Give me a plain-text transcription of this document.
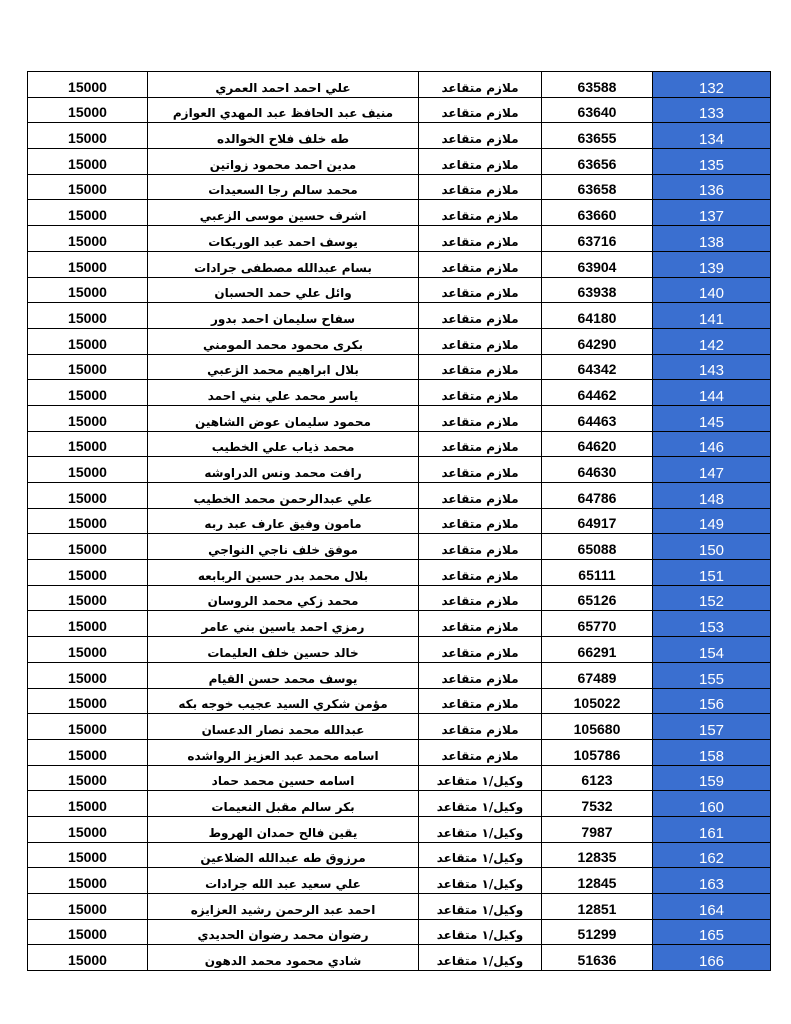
15000	علي احمد احمد العمري	ملازم متقاعد	63588	132

15000	منيف عبد الحافظ عبد المهدي العوازم	ملازم متقاعد	63640	133

15000	طه خلف فلاح الخوالده	ملازم متقاعد	63655	134

15000	مدين احمد محمود زواتين	ملازم متقاعد	63656	135

15000	محمد سالم رجا السعيدات	ملازم متقاعد	63658	136

15000	اشرف حسين موسى الزعبي	ملازم متقاعد	63660	137

15000	يوسف احمد عبد الوريكات	ملازم متقاعد	63716	138

15000	بسام عبدالله مصطفى جرادات	ملازم متقاعد	63904	139

15000	وائل علي حمد الحسبان	ملازم متقاعد	63938	140

15000	سفاح سليمان احمد بدور	ملازم متقاعد	64180	141

15000	بكرى محمود محمد المومني	ملازم متقاعد	64290	142

15000	بلال ابراهيم محمد الزعبي	ملازم متقاعد	64342	143

15000	ياسر محمد علي بني احمد	ملازم متقاعد	64462	144

15000	محمود سليمان عوض الشاهين	ملازم متقاعد	64463	145

15000	محمد ذياب علي الخطيب	ملازم متقاعد	64620	146

15000	رافت محمد ونس الدراوشه	ملازم متقاعد	64630	147

15000	علي عبدالرحمن محمد الخطيب	ملازم متقاعد	64786	148

15000	مامون وفيق عارف عبد ربه	ملازم متقاعد	64917	149

15000	موفق خلف ناجي النواجي	ملازم متقاعد	65088	150

15000	بلال محمد بدر حسين الربابعه	ملازم متقاعد	65111	151

15000	محمد زكي محمد الروسان	ملازم متقاعد	65126	152

15000	رمزي احمد ياسين بني عامر	ملازم متقاعد	65770	153

15000	خالد حسين خلف العليمات	ملازم متقاعد	66291	154

15000	يوسف محمد حسن القيام	ملازم متقاعد	67489	155

15000	مؤمن شكري السيد عجيب خوجه بكه	ملازم متقاعد	105022	156

15000	عبدالله محمد نصار الدعسان	ملازم متقاعد	105680	157

15000	اسامه محمد عبد العزيز الرواشده	ملازم متقاعد	105786	158

15000	اسامه حسين محمد حماد	وكيل/١ متقاعد	6123	159

15000	بكر سالم مقبل النعيمات	وكيل/١ متقاعد	7532	160

15000	يقين فالح حمدان الهروط	وكيل/١ متقاعد	7987	161

15000	مرزوق طه عبدالله الضلاعين	وكيل/١ متقاعد	12835	162

15000	علي سعيد عبد الله جرادات	وكيل/١ متقاعد	12845	163

15000	احمد عبد الرحمن رشيد العزايزه	وكيل/١ متقاعد	12851	164

15000	رضوان محمد رضوان الحديدي	وكيل/١ متقاعد	51299	165

15000	شادي محمود محمد الدهون	وكيل/١ متقاعد	51636	166
